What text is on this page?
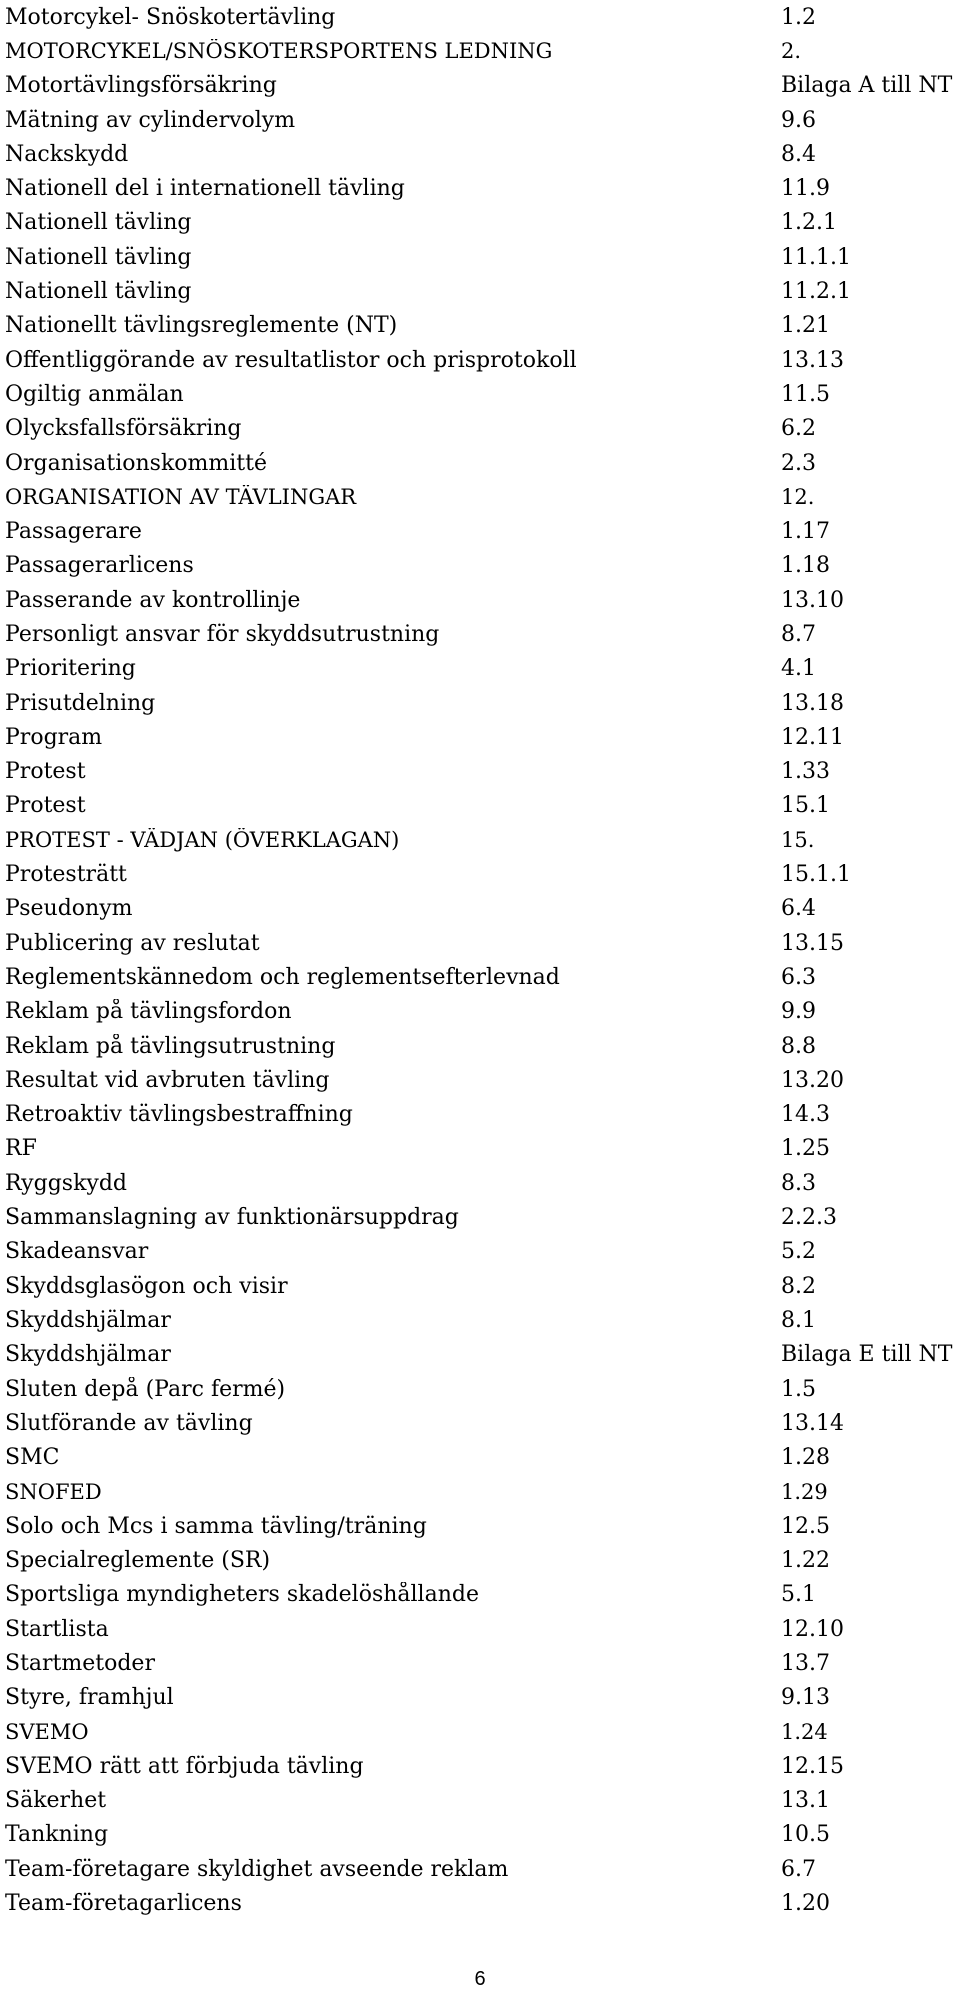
Motorcykel- Snöskotertävling	1.2
MOTORCYKEL/SNÖSKOTERSPORTENS LEDNING	2.
Motortävlingsförsäkring	Bilaga A till NT
Mätning av cylindervolym	9.6
Nackskydd	8.4
Nationell del i internationell tävling	11.9
Nationell tävling	1.2.1
Nationell tävling	11.1.1
Nationell tävling	11.2.1
Nationellt tävlingsreglemente (NT)	1.21
Offentliggörande av resultatlistor och prisprotokoll	13.13
Ogiltig anmälan	11.5
Olycksfallsförsäkring	6.2
Organisationskommitté	2.3
ORGANISATION AV TÄVLINGAR	12.
Passagerare	1.17
Passagerarlicens	1.18
Passerande av kontrollinje	13.10
Personligt ansvar för skyddsutrustning	8.7
Prioritering	4.1
Prisutdelning	13.18
Program	12.11
Protest	1.33
Protest	15.1
PROTEST - VÄDJAN (ÖVERKLAGAN)	15.
Protesträtt	15.1.1
Pseudonym	6.4
Publicering av reslutat	13.15
Reglementskännedom och reglementsefterlevnad	6.3
Reklam på tävlingsfordon	9.9
Reklam på tävlingsutrustning	8.8
Resultat vid avbruten tävling	13.20
Retroaktiv tävlingsbestraffning	14.3
RF	1.25
Ryggskydd	8.3
Sammanslagning av funktionärsuppdrag	2.2.3
Skadeansvar	5.2
Skyddsglasögon och visir	8.2
Skyddshjälmar	8.1
Skyddshjälmar	Bilaga E till NT
Sluten depå (Parc fermé)	1.5
Slutförande av tävling	13.14
SMC	1.28
SNOFED	1.29
Solo och Mcs i samma tävling/träning	12.5
Specialreglemente (SR)	1.22
Sportsliga myndigheters skadelöshållande	5.1
Startlista	12.10
Startmetoder	13.7
Styre, framhjul	9.13
SVEMO	1.24
SVEMO rätt att förbjuda tävling	12.15
Säkerhet	13.1
Tankning	10.5
Team-företagare skyldighet avseende reklam	6.7
Team-företagarlicens	1.20
6
